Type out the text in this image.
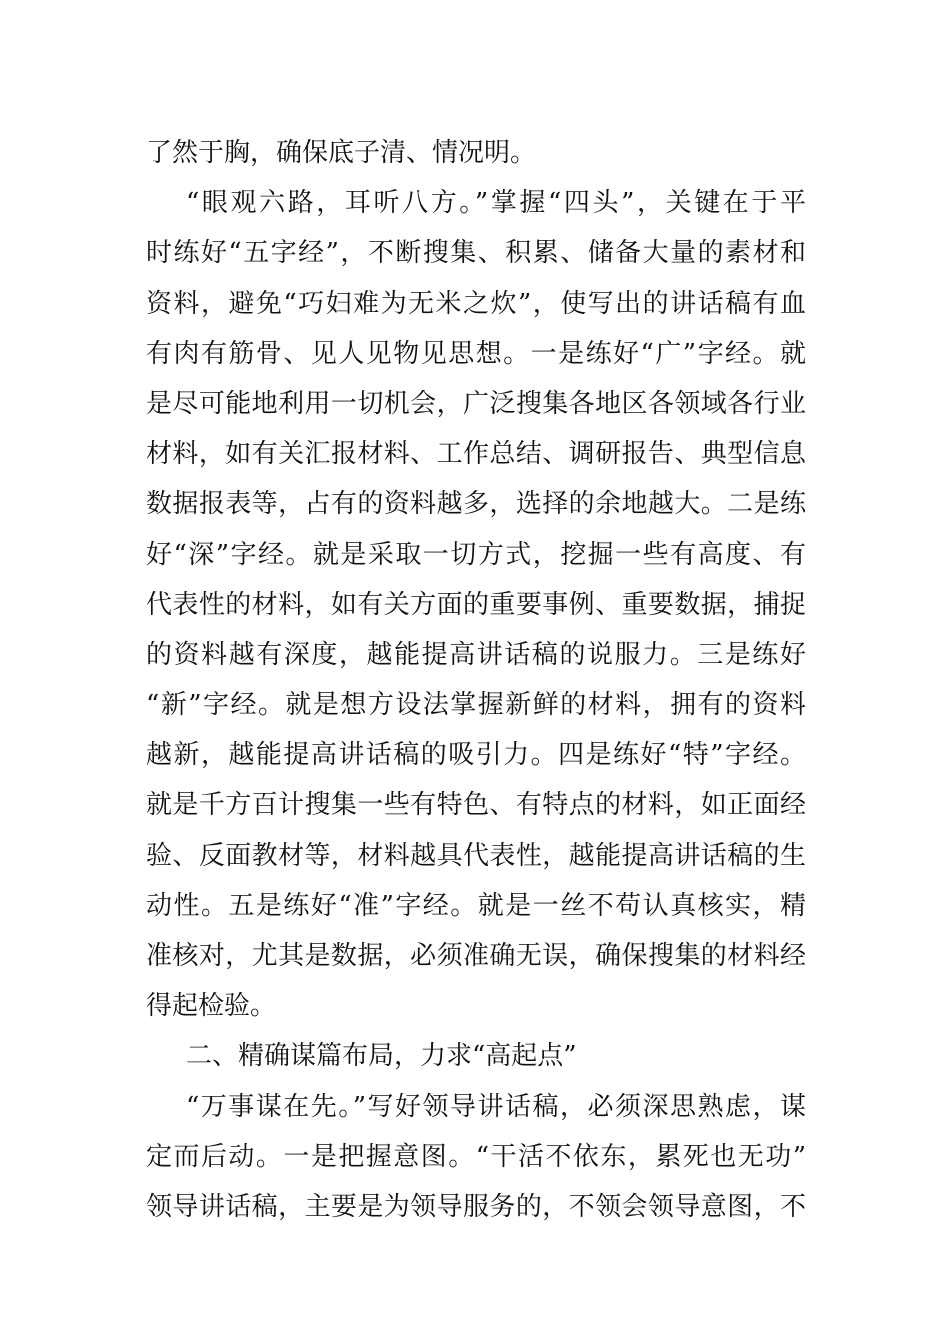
了然于胸，确保底子清、情况明。
“眼观六路，耳听八方。”掌握“四头”，关键在于平
时练好“五字经”，不断搜集、积累、储备大量的素材和
资料，避免“巧妇难为无米之炊”，使写出的讲话稿有血
有肉有筋骨、见人见物见思想。一是练好“广”字经。就
是尽可能地利用一切机会，广泛搜集各地区各领域各行业
材料，如有关汇报材料、工作总结、调研报告、典型信息
数据报表等，占有的资料越多，选择的余地越大。二是练
好“深”字经。就是采取一切方式，挖掘一些有高度、有
代表性的材料，如有关方面的重要事例、重要数据，捕捉
的资料越有深度，越能提高讲话稿的说服力。三是练好
“新”字经。就是想方设法掌握新鲜的材料，拥有的资料
越新，越能提高讲话稿的吸引力。四是练好“特”字经。
就是千方百计搜集一些有特色、有特点的材料，如正面经
验、反面教材等，材料越具代表性，越能提高讲话稿的生
动性。五是练好“准”字经。就是一丝不苟认真核实，精
准核对，尤其是数据，必须准确无误，确保搜集的材料经
得起检验。
二、精确谋篇布局，力求“高起点”
“万事谋在先。”写好领导讲话稿，必须深思熟虑，谋
定而后动。一是把握意图。“干活不依东，累死也无功”
领导讲话稿，主要是为领导服务的，不领会领导意图，不
